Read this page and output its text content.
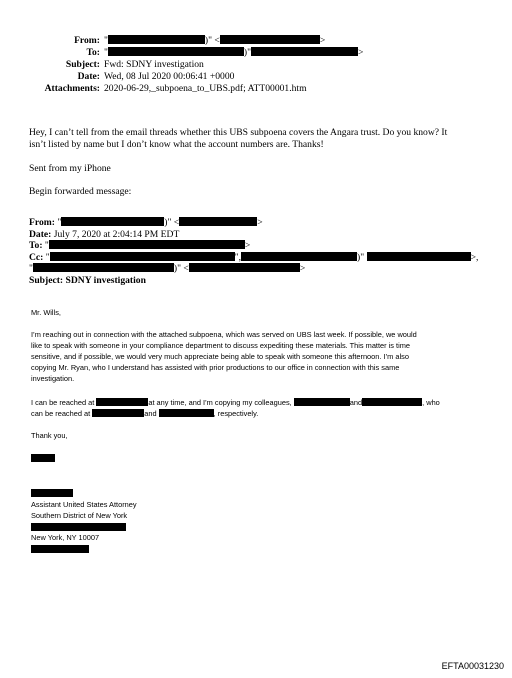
From: "	)" <	>
To: "	)"	>
Subject: Fwd: SDNY investigation
Date: Wed, 08 Jul 2020 00:06:41 +0000
Attachments: 2020-06-29,_subpoena_to_UBS.pdf; ATT00001.htm
Hey, I can’t tell from the email threads whether this UBS subpoena covers the Angara trust. Do you know? It
isn’t listed by name but I don’t know what the account numbers are. Thanks!
Sent from my iPhone
Begin forwarded message:
From: "	)" <	>
Date: July 7, 2020 at 2:04:14 PM EDT
To: "	>
Cc: "	",	)"	>,
"	)" <	>
Subject: SDNY investigation
Mr. Wills,
I’m reaching out in connection with the attached subpoena, which was served on UBS last week. If possible, we would
like to speak with someone in your compliance department to discuss expediting these materials. This matter is time
sensitive, and if possible, we would very much appreciate being able to speak with someone this afternoon. I’m also
copying Mr. Ryan, who I understand has assisted with prior productions to our office in connection with this same
investigation.
I can be reached at	at any time, and I’m copying my colleagues,	and	, who
can be reached at	and	, respectively.
Thank you,
Assistant United States Attorney
Southern District of New York
New York, NY 10007
EFTA00031230
